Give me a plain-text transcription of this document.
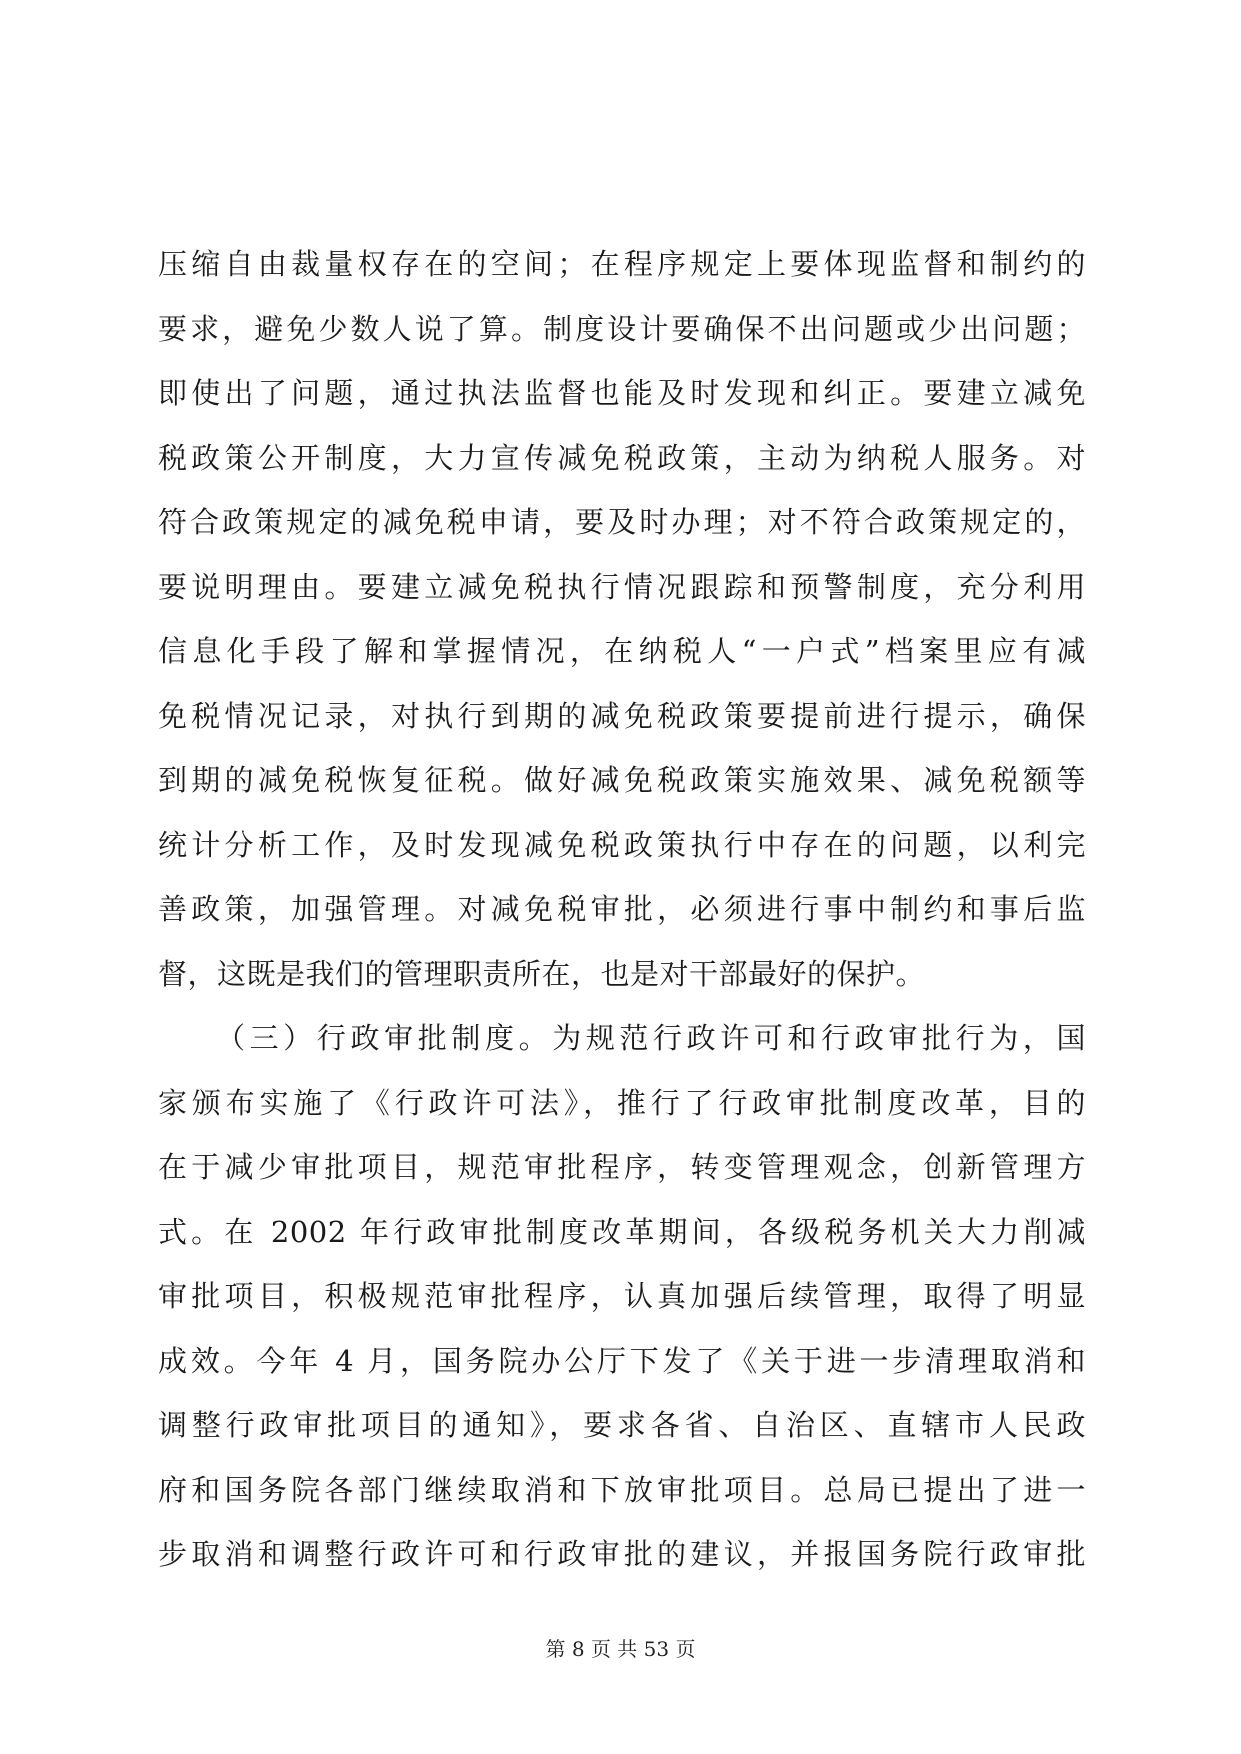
压缩自由裁量权存在的空间；在程序规定上要体现监督和制约的
要求，避免少数人说了算。制度设计要确保不出问题或少出问题；
即使出了问题，通过执法监督也能及时发现和纠正。要建立减免
税政策公开制度，大力宣传减免税政策，主动为纳税人服务。对
符合政策规定的减免税申请，要及时办理；对不符合政策规定的，
要说明理由。要建立减免税执行情况跟踪和预警制度，充分利用
信息化手段了解和掌握情况，在纳税人“一户式”档案里应有减
免税情况记录，对执行到期的减免税政策要提前进行提示，确保
到期的减免税恢复征税。做好减免税政策实施效果、减免税额等
统计分析工作，及时发现减免税政策执行中存在的问题，以利完
善政策，加强管理。对减免税审批，必须进行事中制约和事后监
督，这既是我们的管理职责所在，也是对干部最好的保护。
（三）行政审批制度。为规范行政许可和行政审批行为，国
家颁布实施了《行政许可法》，推行了行政审批制度改革，目的
在于减少审批项目，规范审批程序，转变管理观念，创新管理方
式。在 2002 年行政审批制度改革期间，各级税务机关大力削减
审批项目，积极规范审批程序，认真加强后续管理，取得了明显
成效。今年 4 月，国务院办公厅下发了《关于进一步清理取消和
调整行政审批项目的通知》，要求各省、自治区、直辖市人民政
府和国务院各部门继续取消和下放审批项目。总局已提出了进一
步取消和调整行政许可和行政审批的建议，并报国务院行政审批
第 8 页 共 53 页
